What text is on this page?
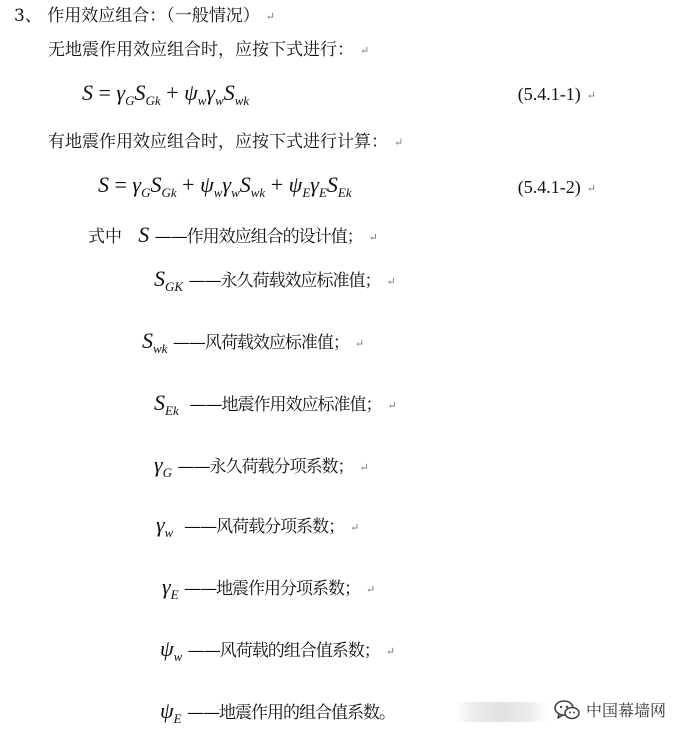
3、 作用效应组合：（一般情况） ↵
无地震作用效应组合时，应按下式进行： ↵
$S = \gamma_GS_{Gk} + \psi_w\gamma_wS_{wk}$	(5.4.1-1) ↵
有地震作用效应组合时，应按下式进行计算： ↵
$S = \gamma_GS_{Gk} + \psi_w\gamma_wS_{wk} + \psi_E\gamma_ES_{Ek}$	(5.4.1-2) ↵
式中 S ——作用效应组合的设计值； ↵
$S_{GK}$ ——永久荷载效应标准值； ↵
$S_{wk}$ ——风荷载效应标准值； ↵
$S_{Ek}$ ——地震作用效应标准值； ↵
$\gamma_G$ ——永久荷载分项系数； ↵
$\gamma_w$ ——风荷载分项系数； ↵
$\gamma_E$ ——地震作用分项系数； ↵
$\psi_w$ ——风荷载的组合值系数； ↵
$\psi_E$ ——地震作用的组合值系数。	中国幕墙网
